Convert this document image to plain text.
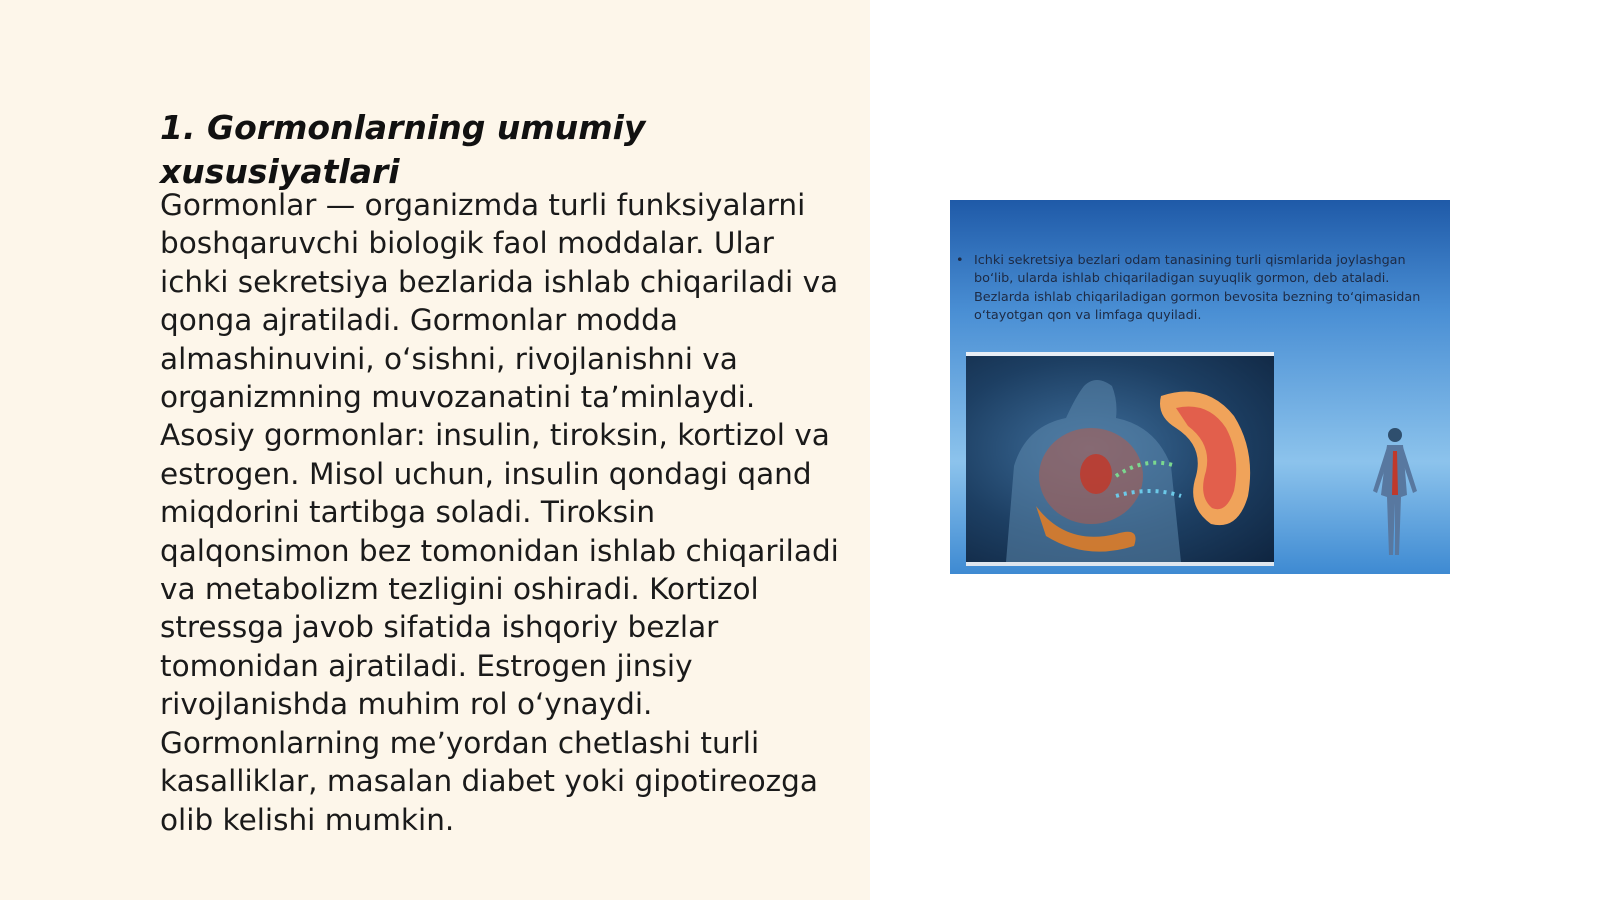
1. Gormonlarning umumiy xususiyatlari

Gormonlar — organizmda turli funksiyalarni boshqaruvchi biologik faol moddalar. Ular ichki sekretsiya bezlarida ishlab chiqariladi va qonga ajratiladi. Gormonlar modda almashinuvini, o‘sishni, rivojlanishni va organizmning muvozanatini ta’minlaydi. Asosiy gormonlar: insulin, tiroksin, kortizol va estrogen. Misol uchun, insulin qondagi qand miqdorini tartibga soladi. Tiroksin qalqonsimon bez tomonidan ishlab chiqariladi va metabolizm tezligini oshiradi. Kortizol stressga javob sifatida ishqoriy bezlar tomonidan ajratiladi. Estrogen jinsiy rivojlanishda muhim rol o‘ynaydi. Gormonlarning me’yordan chetlashi turli kasalliklar, masalan diabet yoki gipotireozga olib kelishi mumkin.

• Ichki sekretsiya bezlari odam tanasining turli qismlarida joylashgan bo‘lib, ularda ishlab chiqariladigan suyuqlik gormon, deb ataladi. Bezlarda ishlab chiqariladigan gormon bevosita bezning to‘qimasidan o‘tayotgan qon va limfaga quyiladi.
